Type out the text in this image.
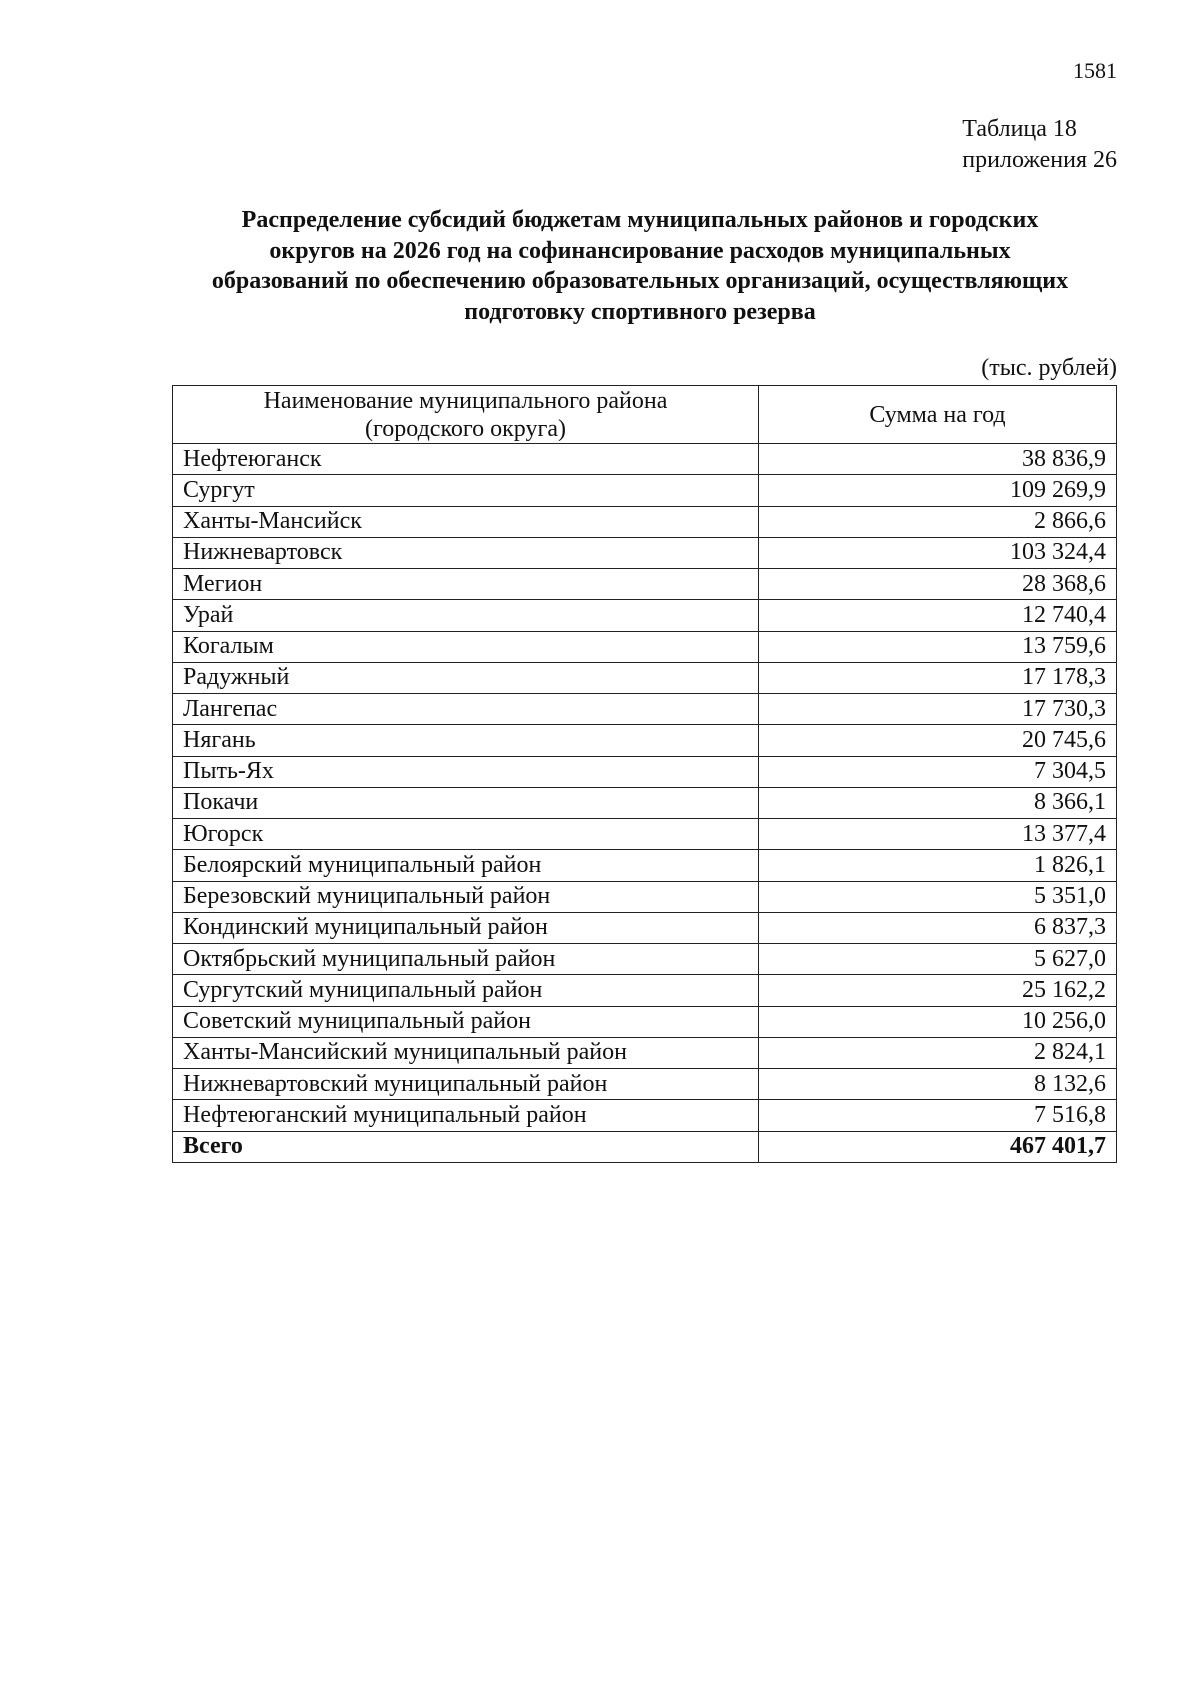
1581
Таблица 18
приложения 26
Распределение субсидий бюджетам муниципальных районов и городских
округов на 2026 год на софинансирование расходов муниципальных
образований по обеспечению образовательных организаций, осуществляющих
подготовку спортивного резерва
(тыс. рублей)
Наименование муниципального района
(городского округа)	Сумма на год
Нефтеюганск	38 836,9
Сургут	109 269,9
Ханты-Мансийск	2 866,6
Нижневартовск	103 324,4
Мегион	28 368,6
Урай	12 740,4
Когалым	13 759,6
Радужный	17 178,3
Лангепас	17 730,3
Нягань	20 745,6
Пыть-Ях	7 304,5
Покачи	8 366,1
Югорск	13 377,4
Белоярский муниципальный район	1 826,1
Березовский муниципальный район	5 351,0
Кондинский муниципальный район	6 837,3
Октябрьский муниципальный район	5 627,0
Сургутский муниципальный район	25 162,2
Советский муниципальный район	10 256,0
Ханты-Мансийский муниципальный район	2 824,1
Нижневартовский муниципальный район	8 132,6
Нефтеюганский муниципальный район	7 516,8
Всего	467 401,7
